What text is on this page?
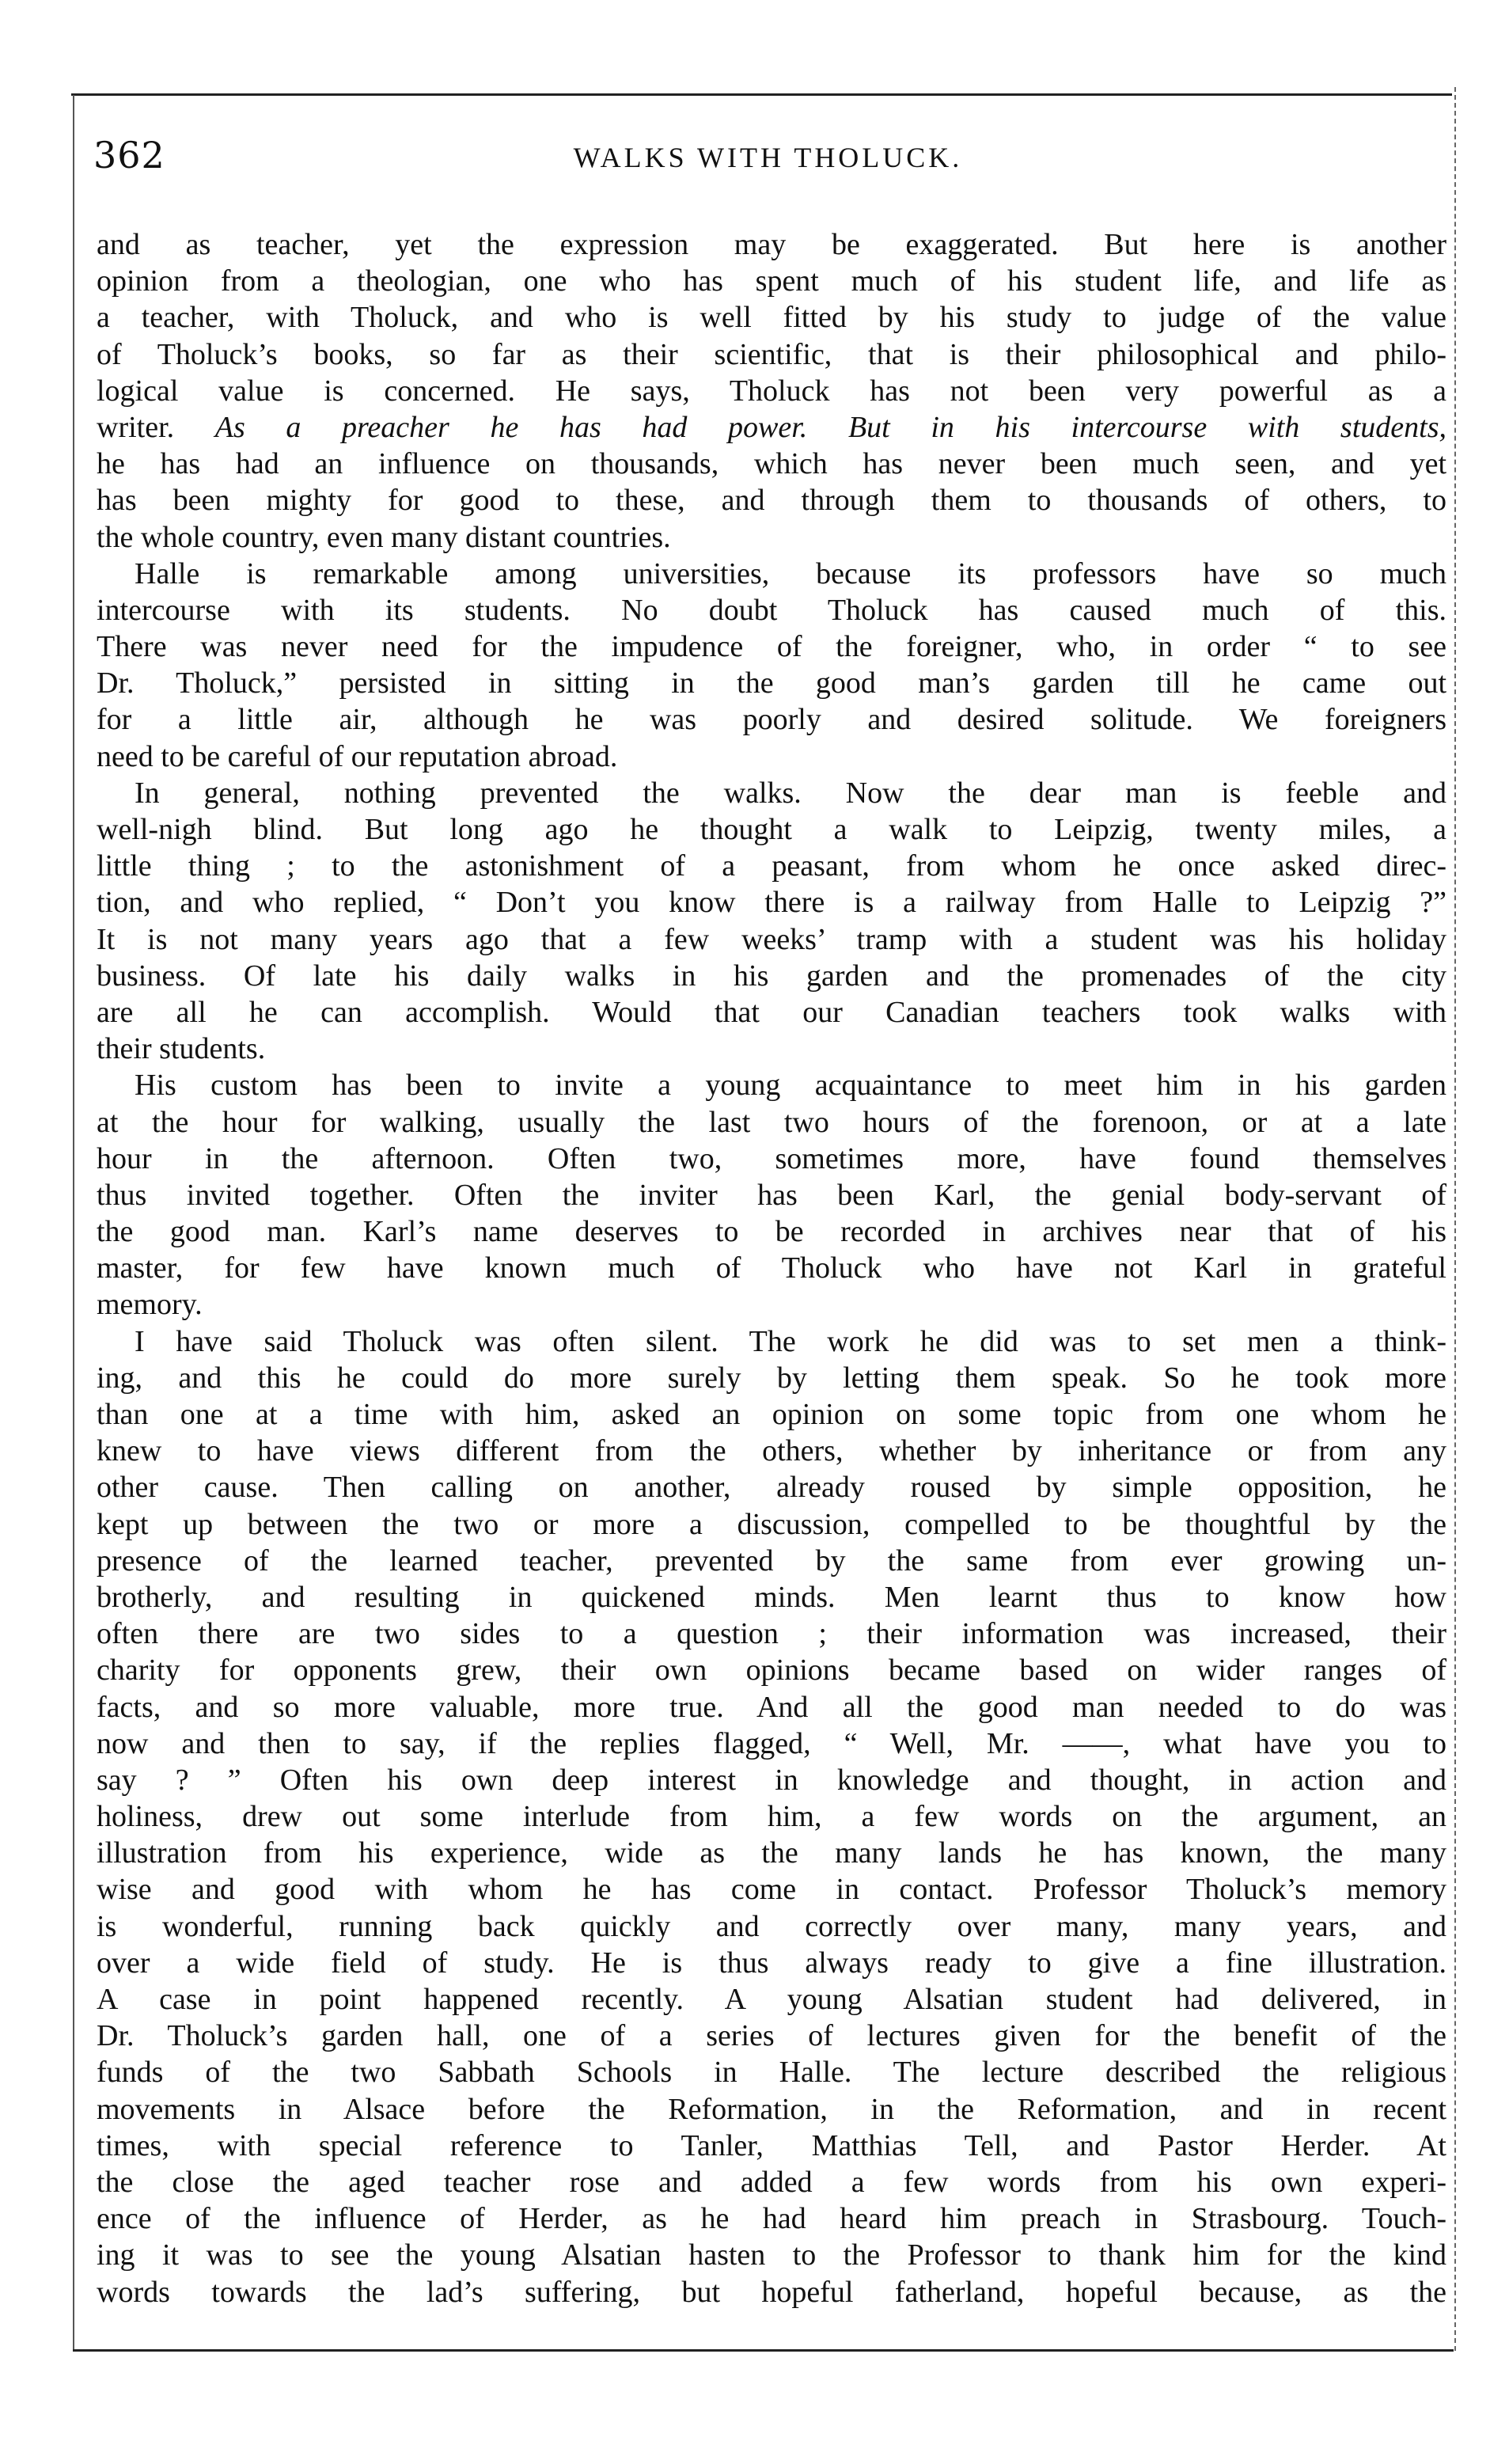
362	WALKS WITH THOLUCK.
and as teacher, yet the expression may be exaggerated. But here is another
opinion from a theologian, one who has spent much of his student life, and life as
a teacher, with Tholuck, and who is well fitted by his study to judge of the value
of Tholuck’s books, so far as their scientific, that is their philosophical and philo-
logical value is concerned. He says, Tholuck has not been very powerful as a
writer. As a preacher he has had power. But in his intercourse with students,
he has had an influence on thousands, which has never been much seen, and yet
has been mighty for good to these, and through them to thousands of others, to
the whole country, even many distant countries.
Halle is remarkable among universities, because its professors have so much
intercourse with its students. No doubt Tholuck has caused much of this.
There was never need for the impudence of the foreigner, who, in order “ to see
Dr. Tholuck,” persisted in sitting in the good man’s garden till he came out
for a little air, although he was poorly and desired solitude. We foreigners
need to be careful of our reputation abroad.
In general, nothing prevented the walks. Now the dear man is feeble and
well-nigh blind. But long ago he thought a walk to Leipzig, twenty miles, a
little thing ; to the astonishment of a peasant, from whom he once asked direc-
tion, and who replied, “ Don’t you know there is a railway from Halle to Leipzig ?”
It is not many years ago that a few weeks’ tramp with a student was his holiday
business. Of late his daily walks in his garden and the promenades of the city
are all he can accomplish. Would that our Canadian teachers took walks with
their students.
His custom has been to invite a young acquaintance to meet him in his garden
at the hour for walking, usually the last two hours of the forenoon, or at a late
hour in the afternoon. Often two, sometimes more, have found themselves
thus invited together. Often the inviter has been Karl, the genial body-servant of
the good man. Karl’s name deserves to be recorded in archives near that of his
master, for few have known much of Tholuck who have not Karl in grateful
memory.
I have said Tholuck was often silent. The work he did was to set men a think-
ing, and this he could do more surely by letting them speak. So he took more
than one at a time with him, asked an opinion on some topic from one whom he
knew to have views different from the others, whether by inheritance or from any
other cause. Then calling on another, already roused by simple opposition, he
kept up between the two or more a discussion, compelled to be thoughtful by the
presence of the learned teacher, prevented by the same from ever growing un-
brotherly, and resulting in quickened minds. Men learnt thus to know how
often there are two sides to a question ; their information was increased, their
charity for opponents grew, their own opinions became based on wider ranges of
facts, and so more valuable, more true. And all the good man needed to do was
now and then to say, if the replies flagged, “ Well, Mr. ——, what have you to
say ? ” Often his own deep interest in knowledge and thought, in action and
holiness, drew out some interlude from him, a few words on the argument, an
illustration from his experience, wide as the many lands he has known, the many
wise and good with whom he has come in contact. Professor Tholuck’s memory
is wonderful, running back quickly and correctly over many, many years, and
over a wide field of study. He is thus always ready to give a fine illustration.
A case in point happened recently. A young Alsatian student had delivered, in
Dr. Tholuck’s garden hall, one of a series of lectures given for the benefit of the
funds of the two Sabbath Schools in Halle. The lecture described the religious
movements in Alsace before the Reformation, in the Reformation, and in recent
times, with special reference to Tanler, Matthias Tell, and Pastor Herder. At
the close the aged teacher rose and added a few words from his own experi-
ence of the influence of Herder, as he had heard him preach in Strasbourg. Touch-
ing it was to see the young Alsatian hasten to the Professor to thank him for the kind
words towards the lad’s suffering, but hopeful fatherland, hopeful because, as the
